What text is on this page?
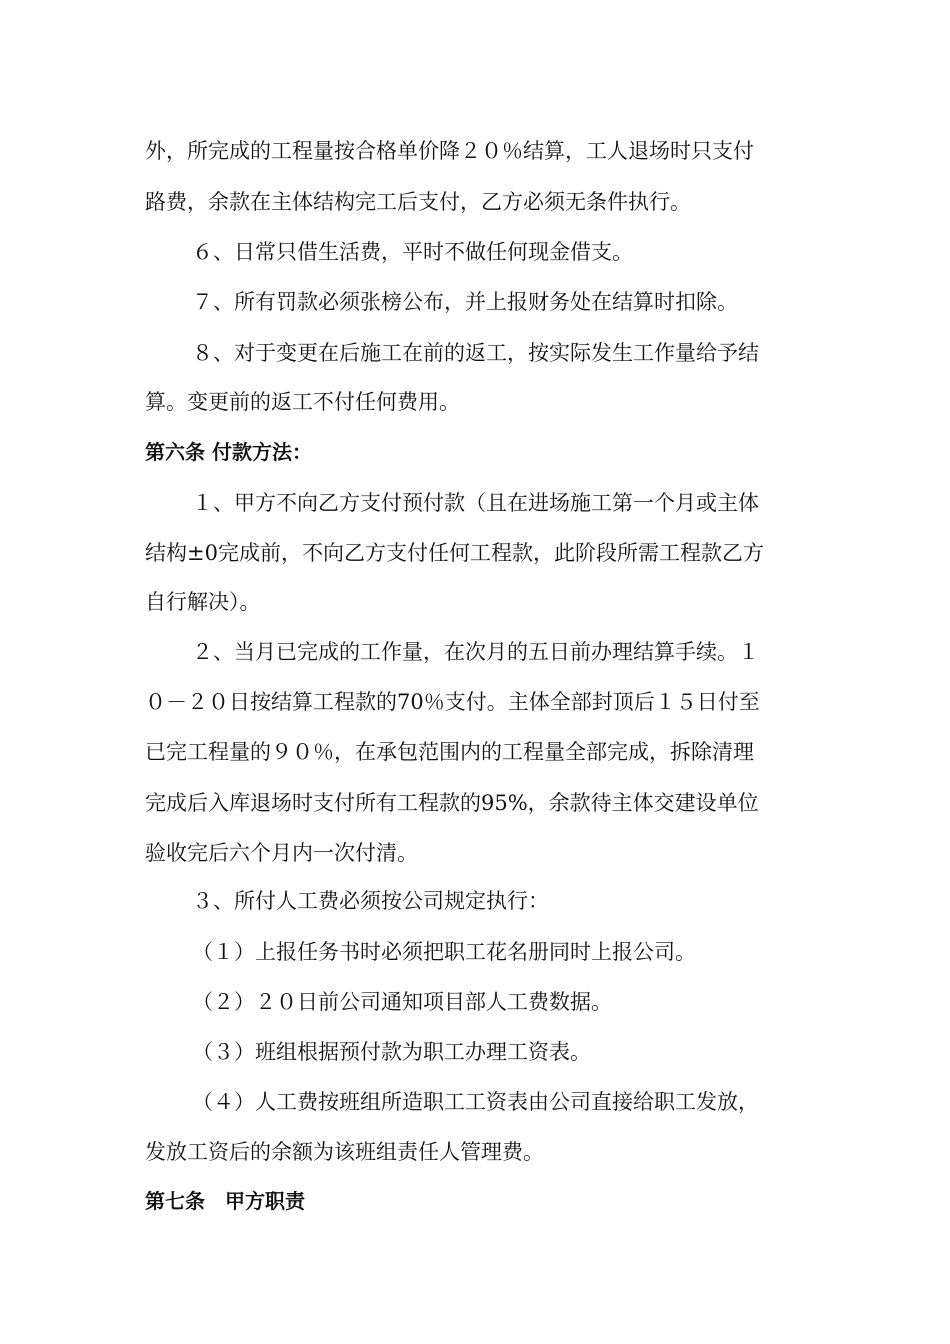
外，所完成的工程量按合格单价降２０％结算，工人退场时只支付
路费，余款在主体结构完工后支付，乙方必须无条件执行。
６、日常只借生活费，平时不做任何现金借支。
７、所有罚款必须张榜公布，并上报财务处在结算时扣除。
８、对于变更在后施工在前的返工，按实际发生工作量给予结
算。变更前的返工不付任何费用。
第六条 付款方法：
１、甲方不向乙方支付预付款（且在进场施工第一个月或主体
结构±0完成前，不向乙方支付任何工程款，此阶段所需工程款乙方
自行解决）。
２、当月已完成的工作量，在次月的五日前办理结算手续。１
０－２０日按结算工程款的70％支付。主体全部封顶后１５日付至
已完工程量的９０％，在承包范围内的工程量全部完成，拆除清理
完成后入库退场时支付所有工程款的95%，余款待主体交建设单位
验收完后六个月内一次付清。
３、所付人工费必须按公司规定执行：
（１）上报任务书时必须把职工花名册同时上报公司。
（２）２０日前公司通知项目部人工费数据。
（３）班组根据预付款为职工办理工资表。
（４）人工费按班组所造职工工资表由公司直接给职工发放，
发放工资后的余额为该班组责任人管理费。
第七条　甲方职责
